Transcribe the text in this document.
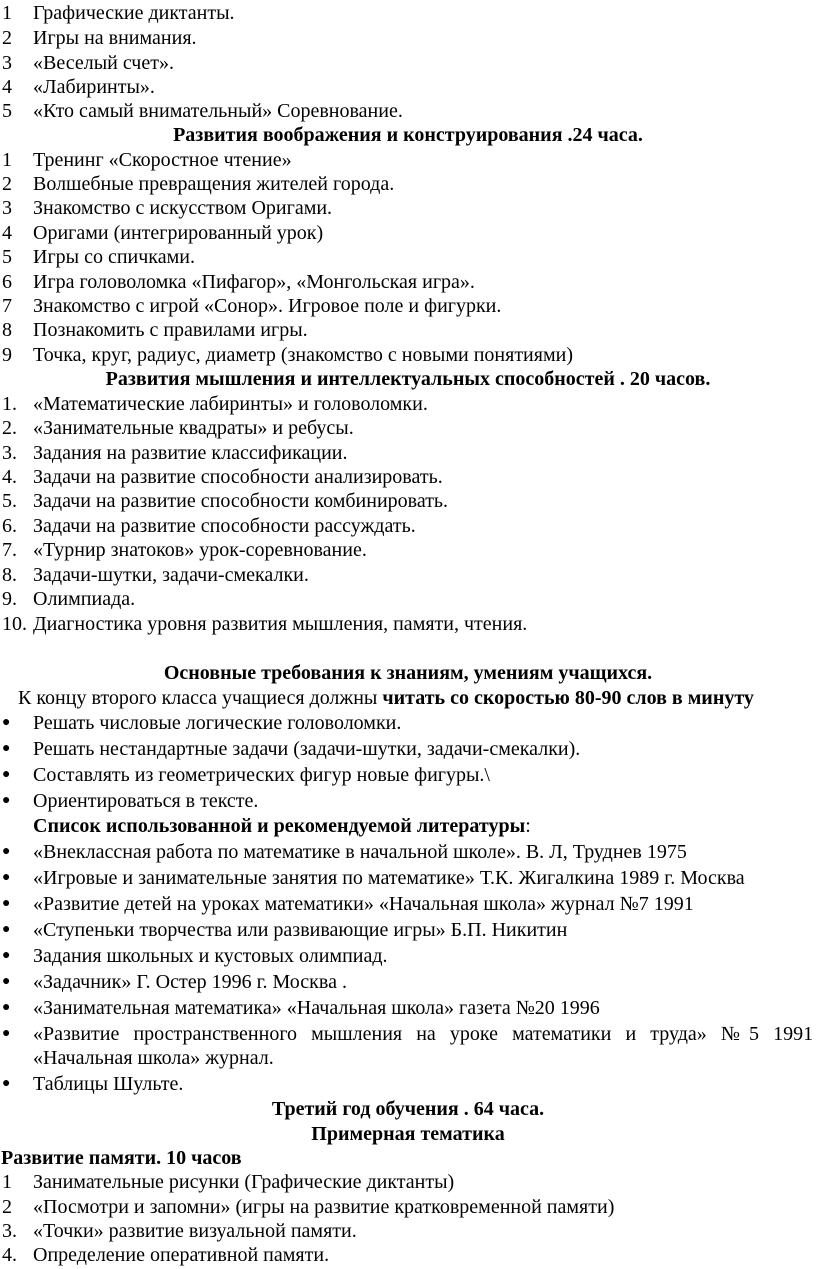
1 Графические диктанты.
2 Игры на внимания.
3 «Веселый счет».
4 «Лабиринты».
5 «Кто самый внимательный» Соревнование.
Развития воображения и конструирования .24 часа.
1 Тренинг «Скоростное чтение»
2 Волшебные превращения жителей города.
3 Знакомство с искусством Оригами.
4 Оригами (интегрированный урок)
5 Игры со спичками.
6 Игра головоломка «Пифагор», «Монгольская игра».
7 Знакомство с игрой «Сонор». Игровое поле и фигурки.
8 Познакомить с правилами игры.
9 Точка, круг, радиус, диаметр (знакомство с новыми понятиями)
Развития мышления и интеллектуальных способностей . 20 часов.
1. «Математические лабиринты» и головоломки.
2. «Занимательные квадраты» и ребусы.
3. Задания на развитие классификации.
4. Задачи на развитие способности анализировать.
5. Задачи на развитие способности комбинировать.
6. Задачи на развитие способности рассуждать.
7. «Турнир знатоков» урок-соревнование.
8. Задачи-шутки, задачи-смекалки.
9. Олимпиада.
10. Диагностика уровня развития мышления, памяти, чтения.
Основные требования к знаниям, умениям учащихся.
К концу второго класса учащиеся должны читать со скоростью 80-90 слов в минуту
● Решать числовые логические головоломки.
● Решать нестандартные задачи (задачи-шутки, задачи-смекалки).
● Составлять из геометрических фигур новые фигуры.\
● Ориентироваться в тексте.
Список использованной и рекомендуемой литературы:
● «Внеклассная работа по математике в начальной школе». В. Л, Труднев 1975
● «Игровые и занимательные занятия по математике» Т.К. Жигалкина 1989 г. Москва
● «Развитие детей на уроках математики» «Начальная школа» журнал №7 1991
● «Ступеньки творчества или развивающие игры» Б.П. Никитин
● Задания школьных и кустовых олимпиад.
● «Задачник» Г. Остер 1996 г. Москва .
● «Занимательная математика» «Начальная школа» газета №20 1996
● «Развитие пространственного мышления на уроке математики и труда» №5 1991
«Начальная школа» журнал.
● Таблицы Шульте.
Третий год обучения . 64 часа.
Примерная тематика
Развитие памяти. 10 часов
1 Занимательные рисунки (Графические диктанты)
2 «Посмотри и запомни» (игры на развитие кратковременной памяти)
3. «Точки» развитие визуальной памяти.
4. Определение оперативной памяти.
